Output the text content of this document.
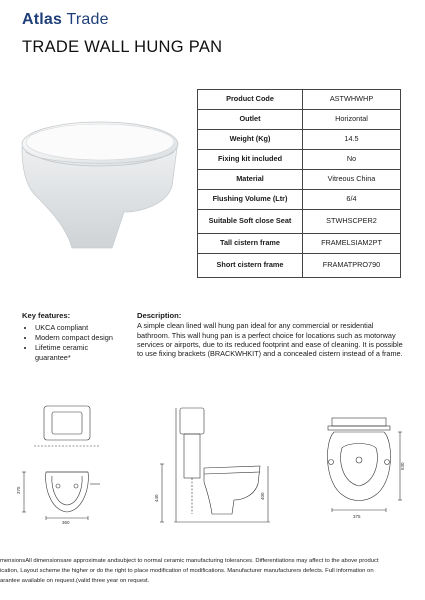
Atlas Trade
TRADE WALL HUNG PAN
Product Code	ASTWHWHP
Outlet	Horizontal
Weight (Kg)	14.5
Fixing kit included	No
Material	Vitreous China
Flushing Volume (Ltr)	6/4
Suitable Soft close Seat	STWHSCPER2
Tall cistern frame	FRAMELSIAM2PT
Short cistern frame	FRAMATPRO790
Key features:
• UKCA compliant
• Modern compact design
• Lifetime ceramic guarantee*
Description:

A simple clean lined wall hung pan ideal for any commercial or residential bathroom. This wall hung pan is a perfect choice for locations such as motorway services or airports, due to its reduced footprint and ease of cleaning. It is possible to use fixing brackets (BRACKWHKIT) and a concealed cistern instead of a frame.

375
360
440	400
530
375
mensionsAll dimensionsare approximate andsubject to normal ceramic manufacturing tolerances. Differentiations may affect to the above product
ication, Layout scheme the higher or do the right to place modification of modifications. Manufacturer manufacturers defects. Full information on
arantee available on request.(valid three year on request.
